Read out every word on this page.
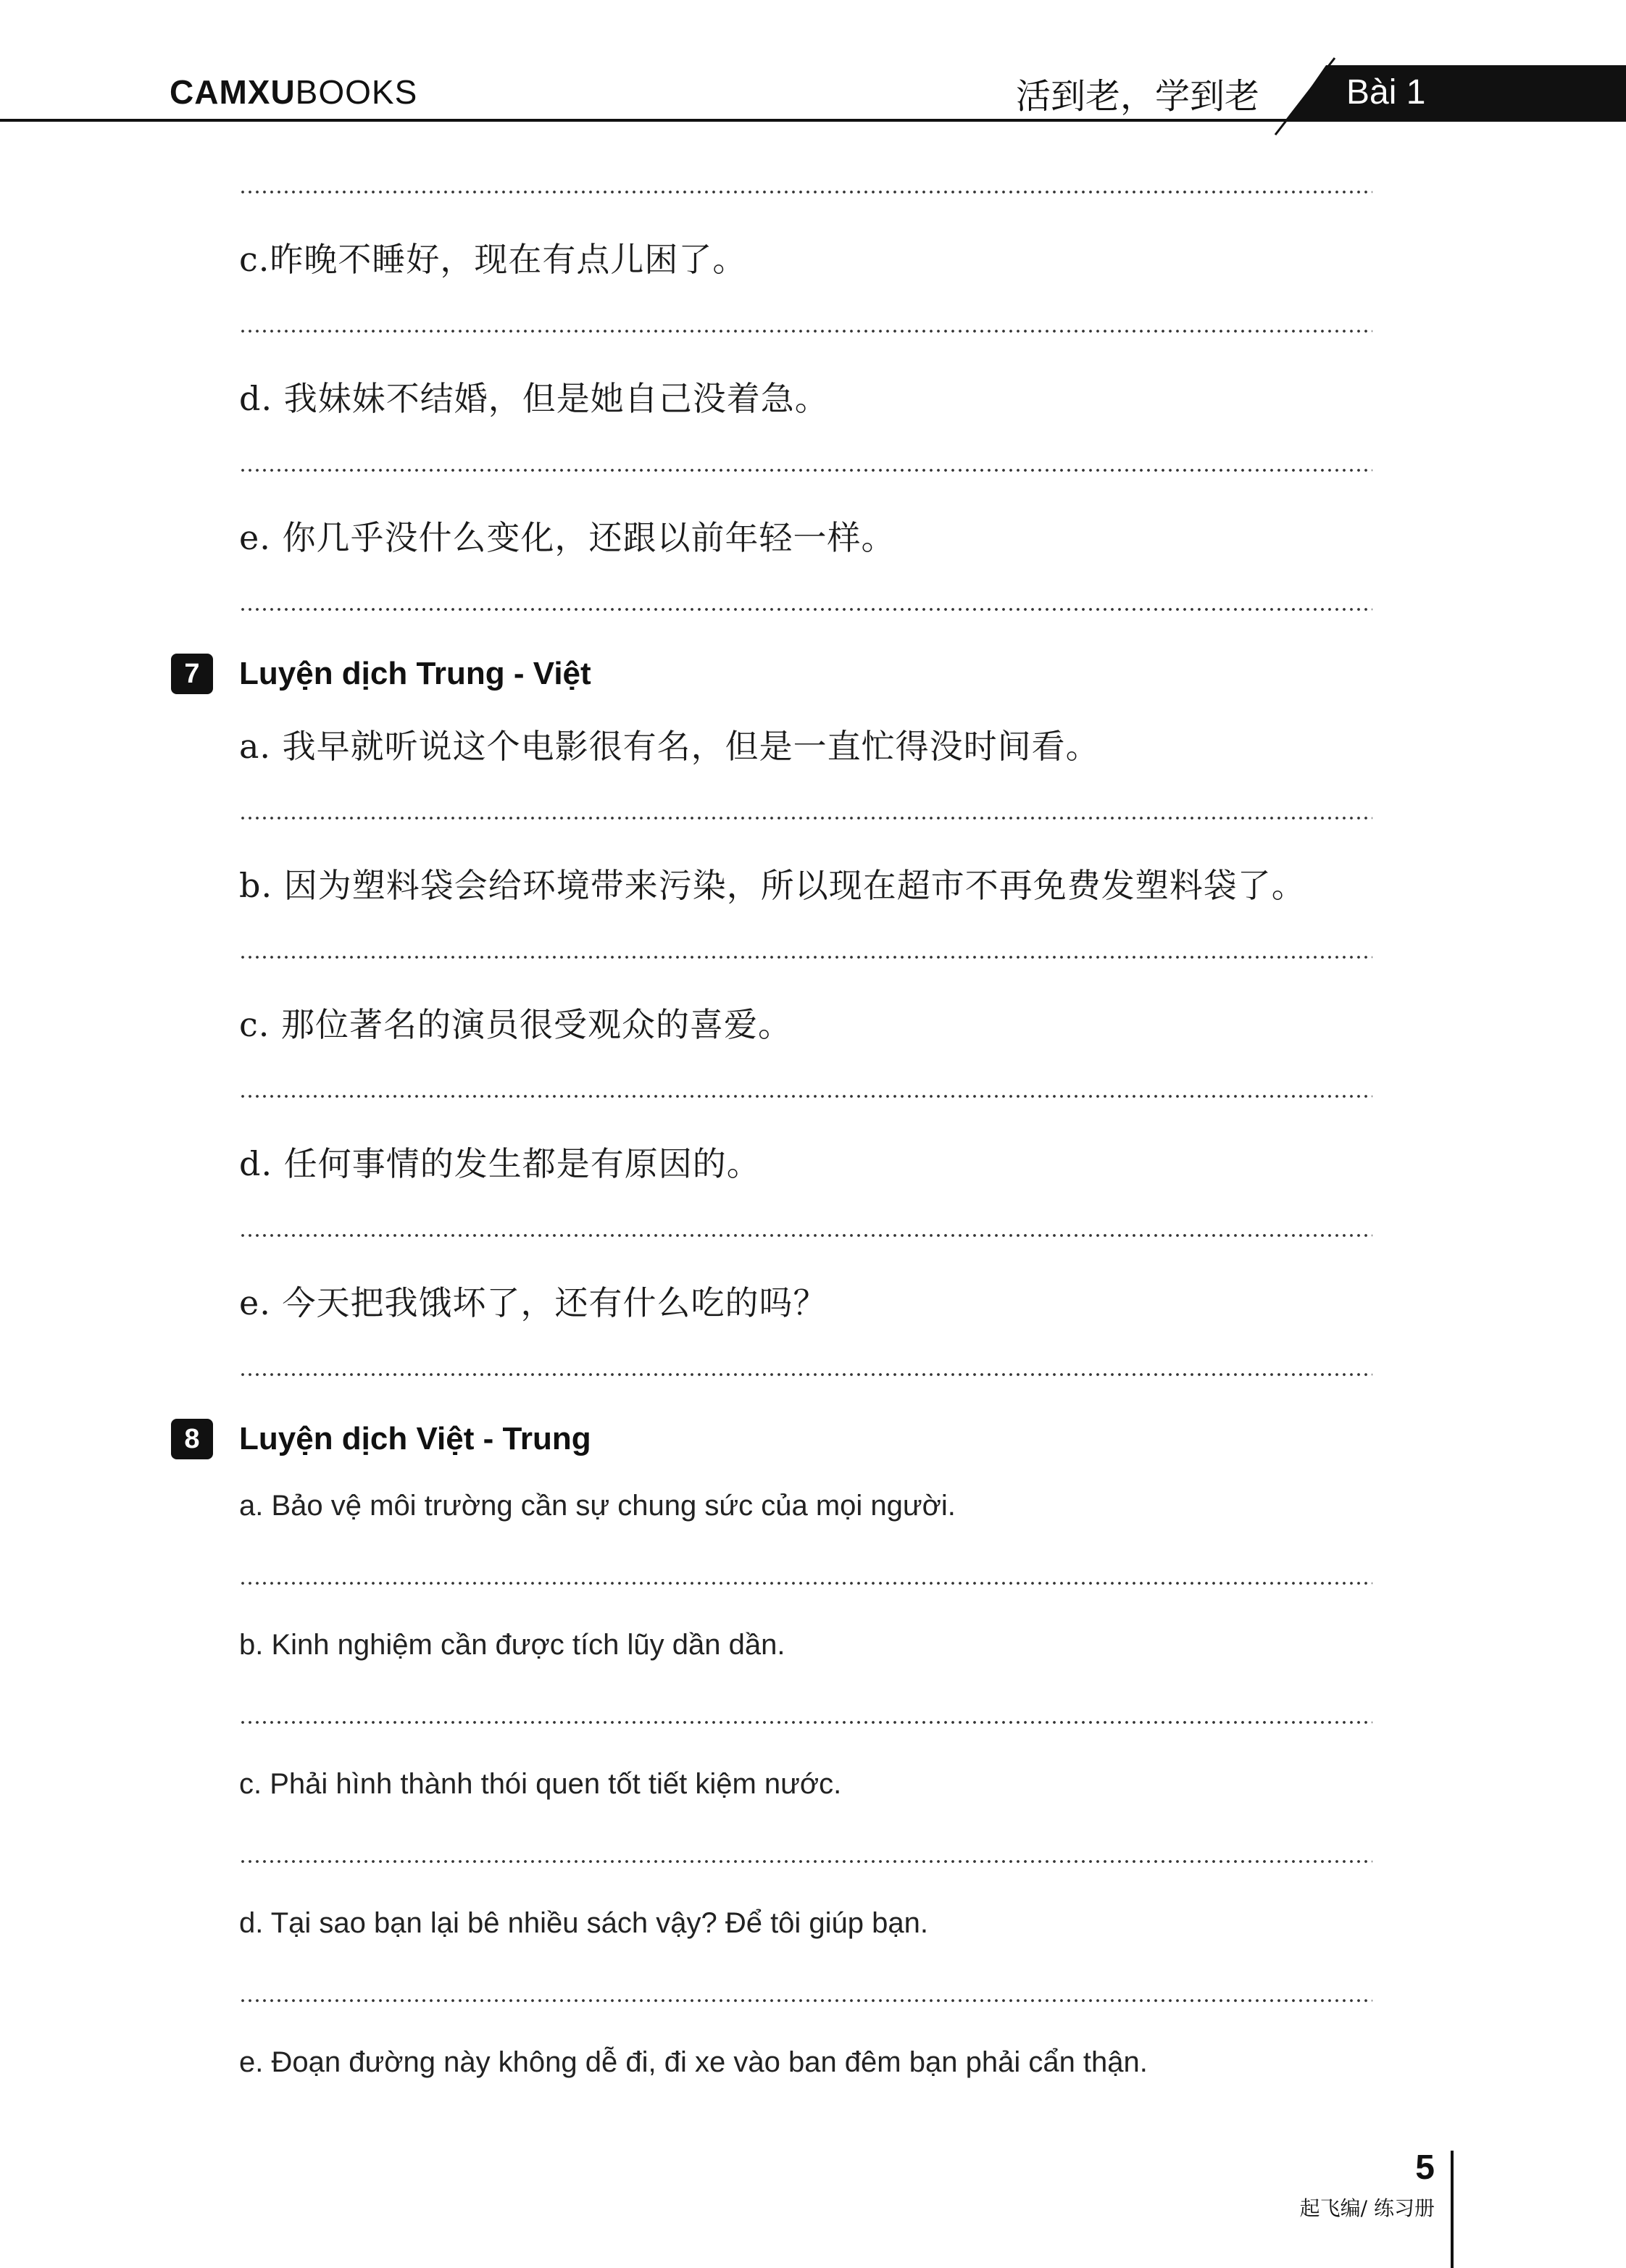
CAMXUBOOKS	活到老，学到老 Bài 1
c.昨晚不睡好，现在有点儿困了。
d. 我妹妹不结婚，但是她自己没着急。
e. 你几乎没什么变化，还跟以前年轻一样。
7	Luyện dịch Trung - Việt
a. 我早就听说这个电影很有名，但是一直忙得没时间看。
b. 因为塑料袋会给环境带来污染，所以现在超市不再免费发塑料袋了。
c. 那位著名的演员很受观众的喜爱。
d. 任何事情的发生都是有原因的。
e. 今天把我饿坏了，还有什么吃的吗？
8	Luyện dịch Việt - Trung
a. Bảo vệ môi trường cần sự chung sức của mọi người.
b. Kinh nghiệm cần được tích lũy dần dần.
c. Phải hình thành thói quen tốt tiết kiệm nước.
d. Tại sao bạn lại bê nhiều sách vậy? Để tôi giúp bạn.
e. Đoạn đường này không dễ đi, đi xe vào ban đêm bạn phải cẩn thận.
5
起飞编/ 练习册
